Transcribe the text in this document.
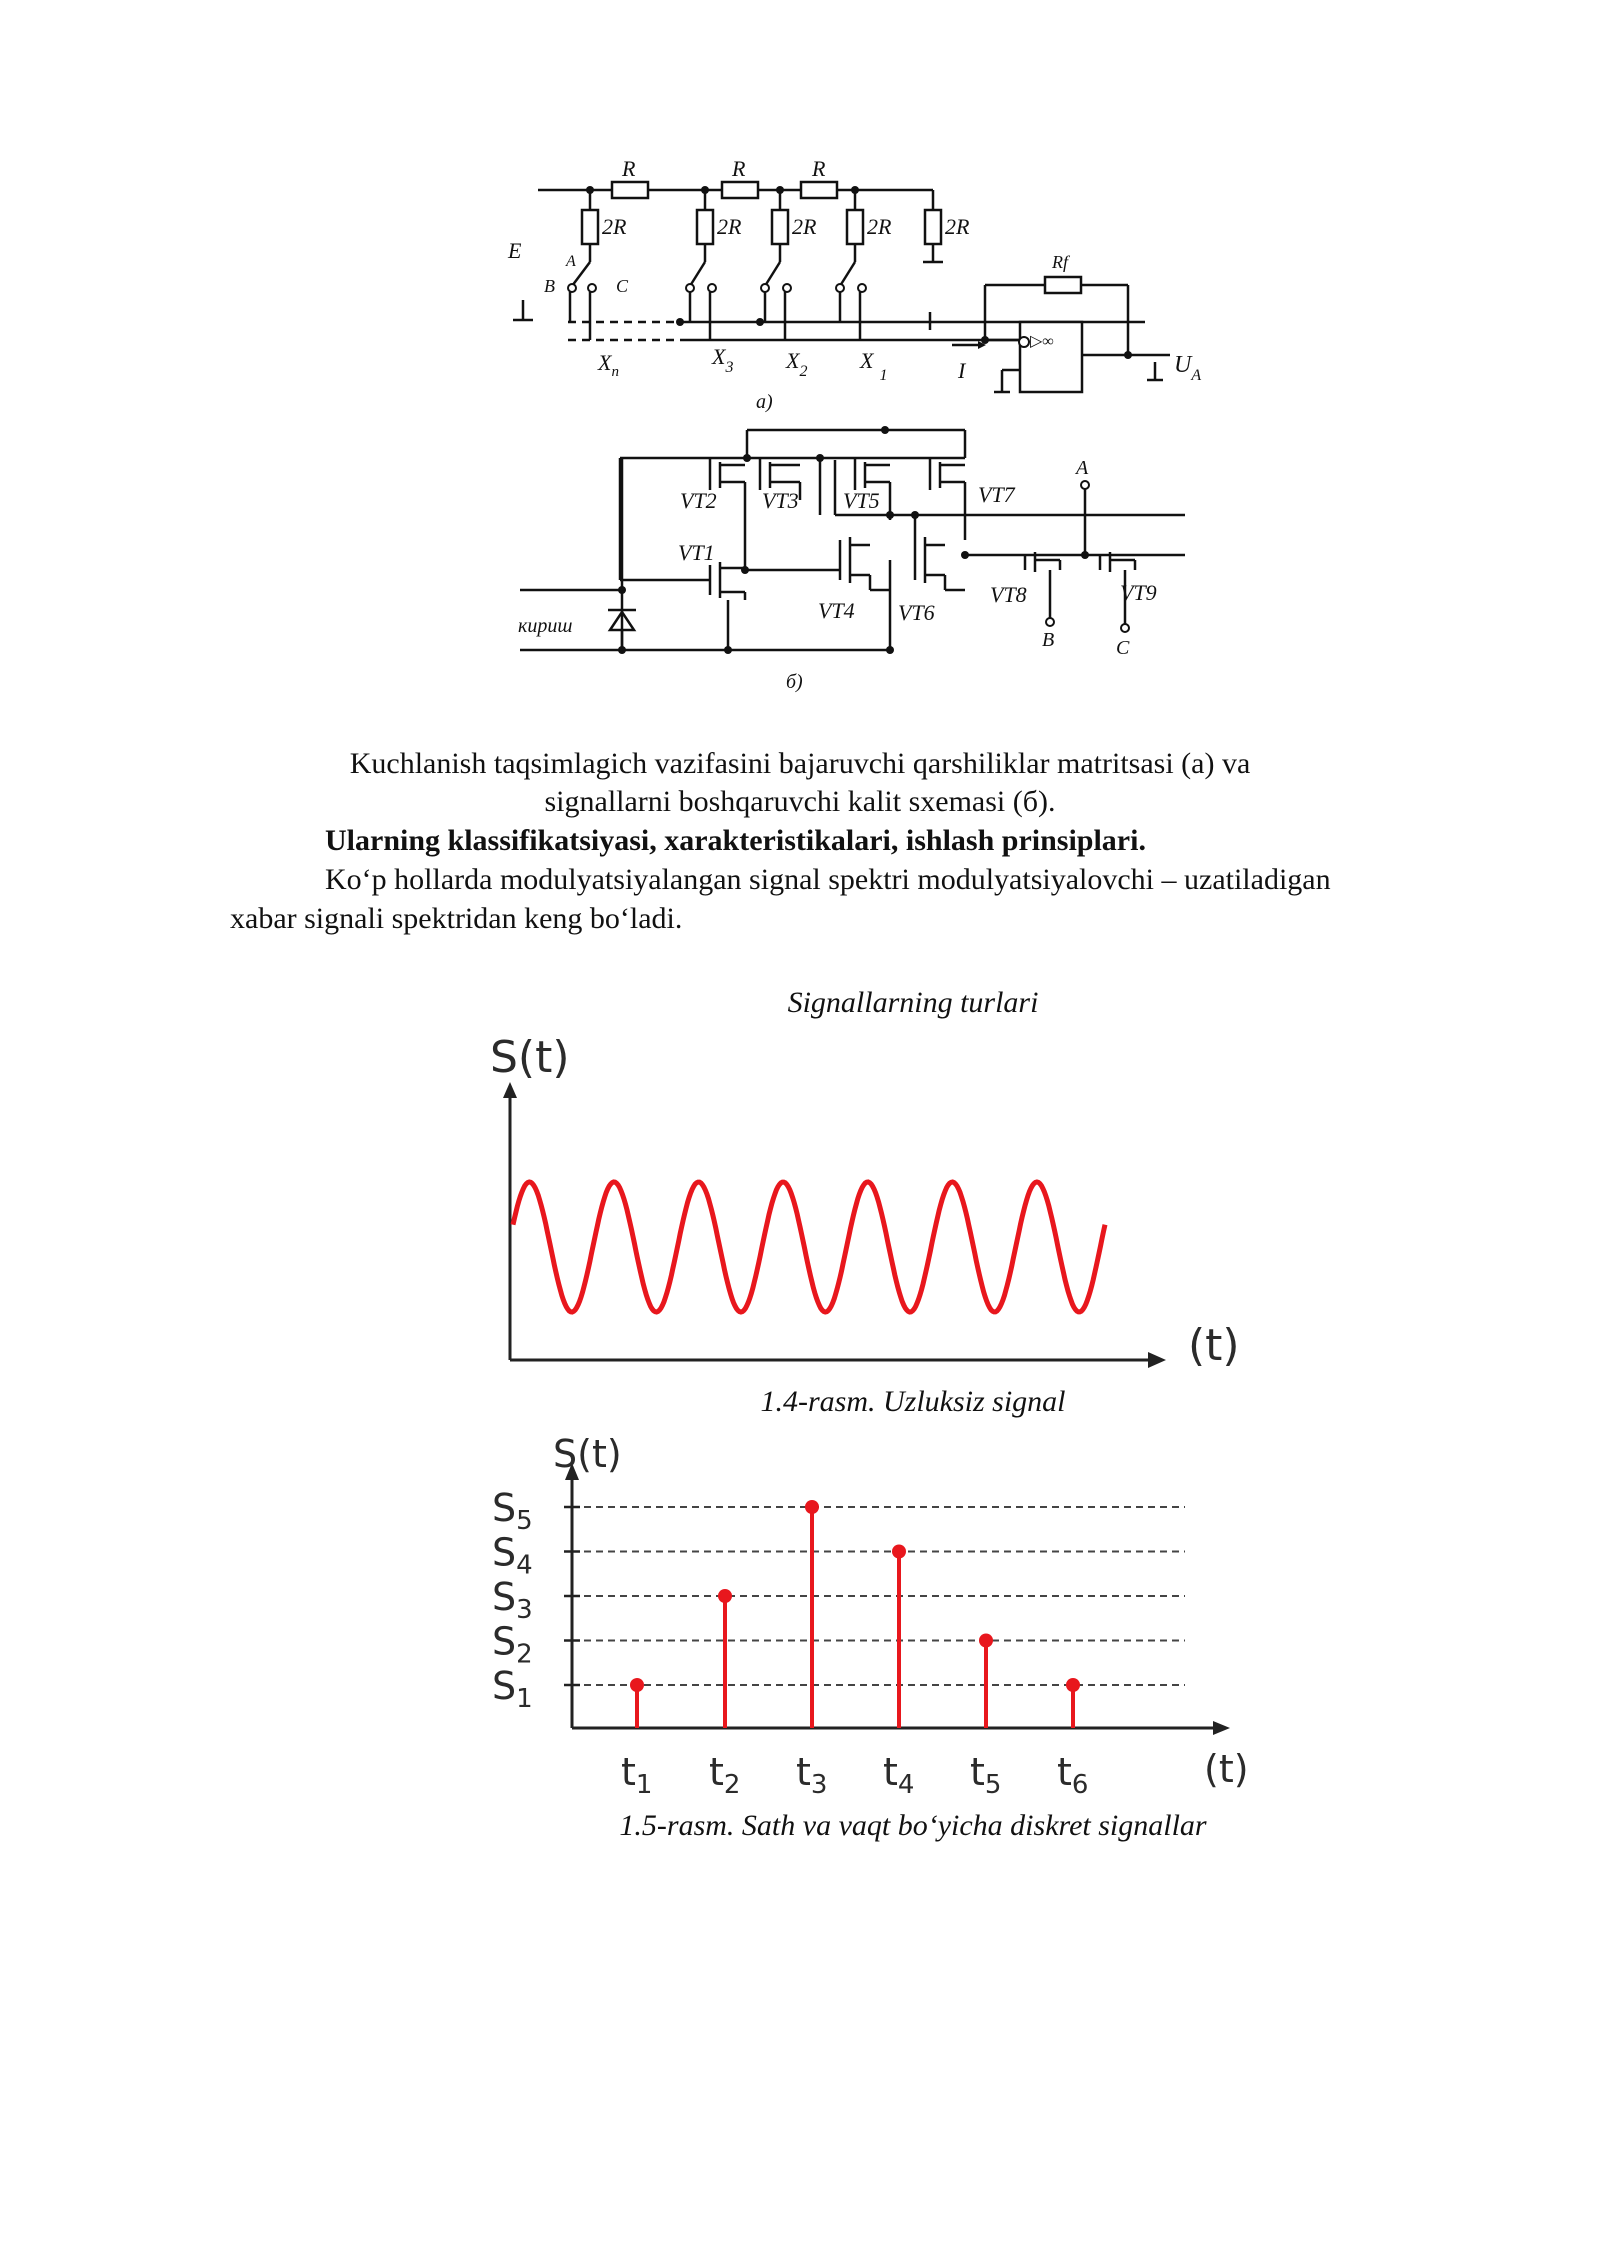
R	R	R
2R	2R 2R 2R 2R
E	A
B	C
$X_n$
$X_3$ $X_2$ $X_1$	I
Rf
▷∞
$U_A$
a)
VT2 VT3 VT5	VT7
VT1
VT4 VT6
VT8	VT9
A
B	C
кириш
б)
Kuchlanish taqsimlagich vazifasini bajaruvchi qarshiliklar matritsasi (a) va
signallarni boshqaruvchi kalit sxemasi (б).
Ularning klassifikatsiyasi, xarakteristikalari, ishlash prinsiplari.
Ko‘p hollarda modulyatsiyalangan signal spektri modulyatsiyalovchi – uzatiladigan
xabar signali spektridan keng bo‘ladi.
Signallarning turlari
S(t)
(t)
1.4-rasm. Uzluksiz signal
S(t)
(t)
$S_1$
$S_2$
$S_3$
$S_4$
$S_5$
$t_1$ $t_2$ $t_3$ $t_4$ $t_5$ $t_6$
1.5-rasm. Sath va vaqt bo‘yicha diskret signallar
